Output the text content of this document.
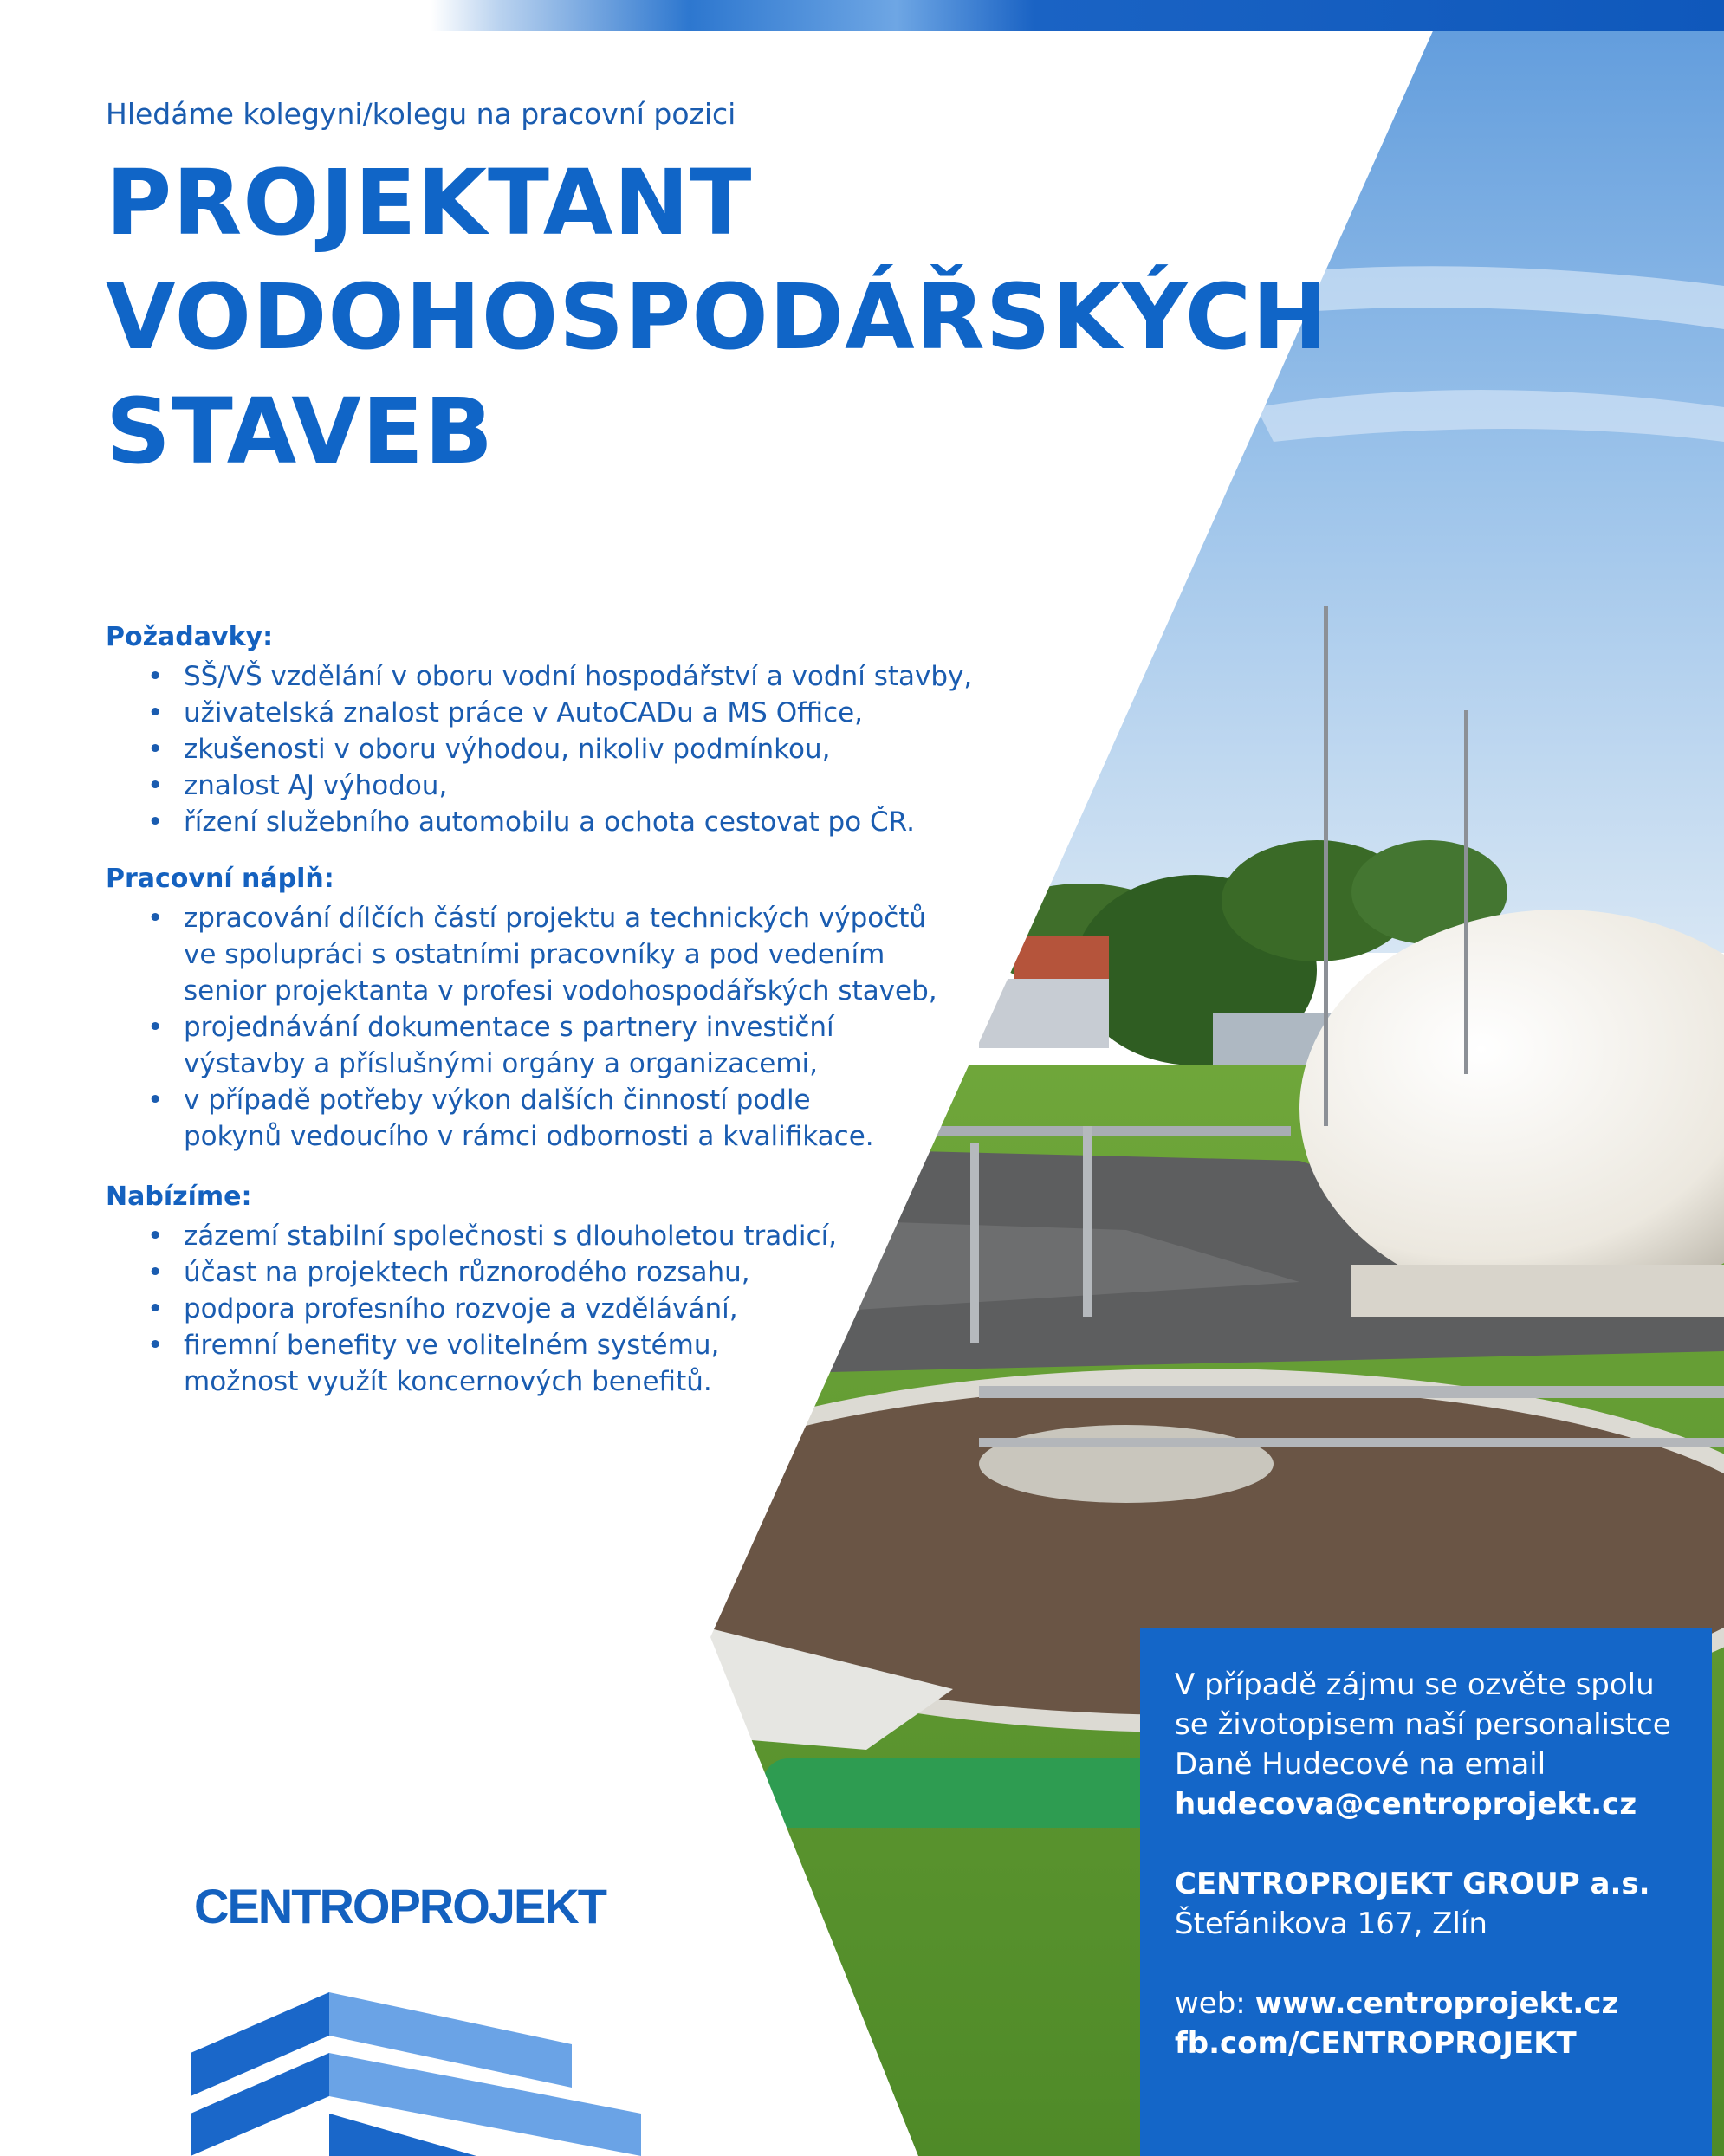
Hledáme kolegyni/kolegu na pracovní pozici
PROJEKTANT
VODOHOSPODÁŘSKÝCH
STAVEB
Požadavky:
• SŠ/VŠ vzdělání v oboru vodní hospodářství a vodní stavby,
• uživatelská znalost práce v AutoCADu a MS Office,
• zkušenosti v oboru výhodou, nikoliv podmínkou,
• znalost AJ výhodou,
• řízení služebního automobilu a ochota cestovat po ČR.
Pracovní náplň:
• zpracování dílčích částí projektu a technických výpočtů
ve spolupráci s ostatními pracovníky a pod vedením
senior projektanta v profesi vodohospodářských staveb,
• projednávání dokumentace s partnery investiční
výstavby a příslušnými orgány a organizacemi,
• v případě potřeby výkon dalších činností podle
pokynů vedoucího v rámci odbornosti a kvalifikace.
Nabízíme:
• zázemí stabilní společnosti s dlouholetou tradicí,
• účast na projektech různorodého rozsahu,
• podpora profesního rozvoje a vzdělávání,
• firemní benefity ve volitelném systému,
možnost využít koncernových benefitů.
CENTROPROJEKT

V případě zájmu se ozvěte spolu

se životopisem naší personalistce

Daně Hudecové na email

hudecova@centroprojekt.cz

CENTROPROJEKT GROUP a.s.

Štefánikova 167, Zlín

web: www.centroprojekt.cz

fb.com/CENTROPROJEKT
